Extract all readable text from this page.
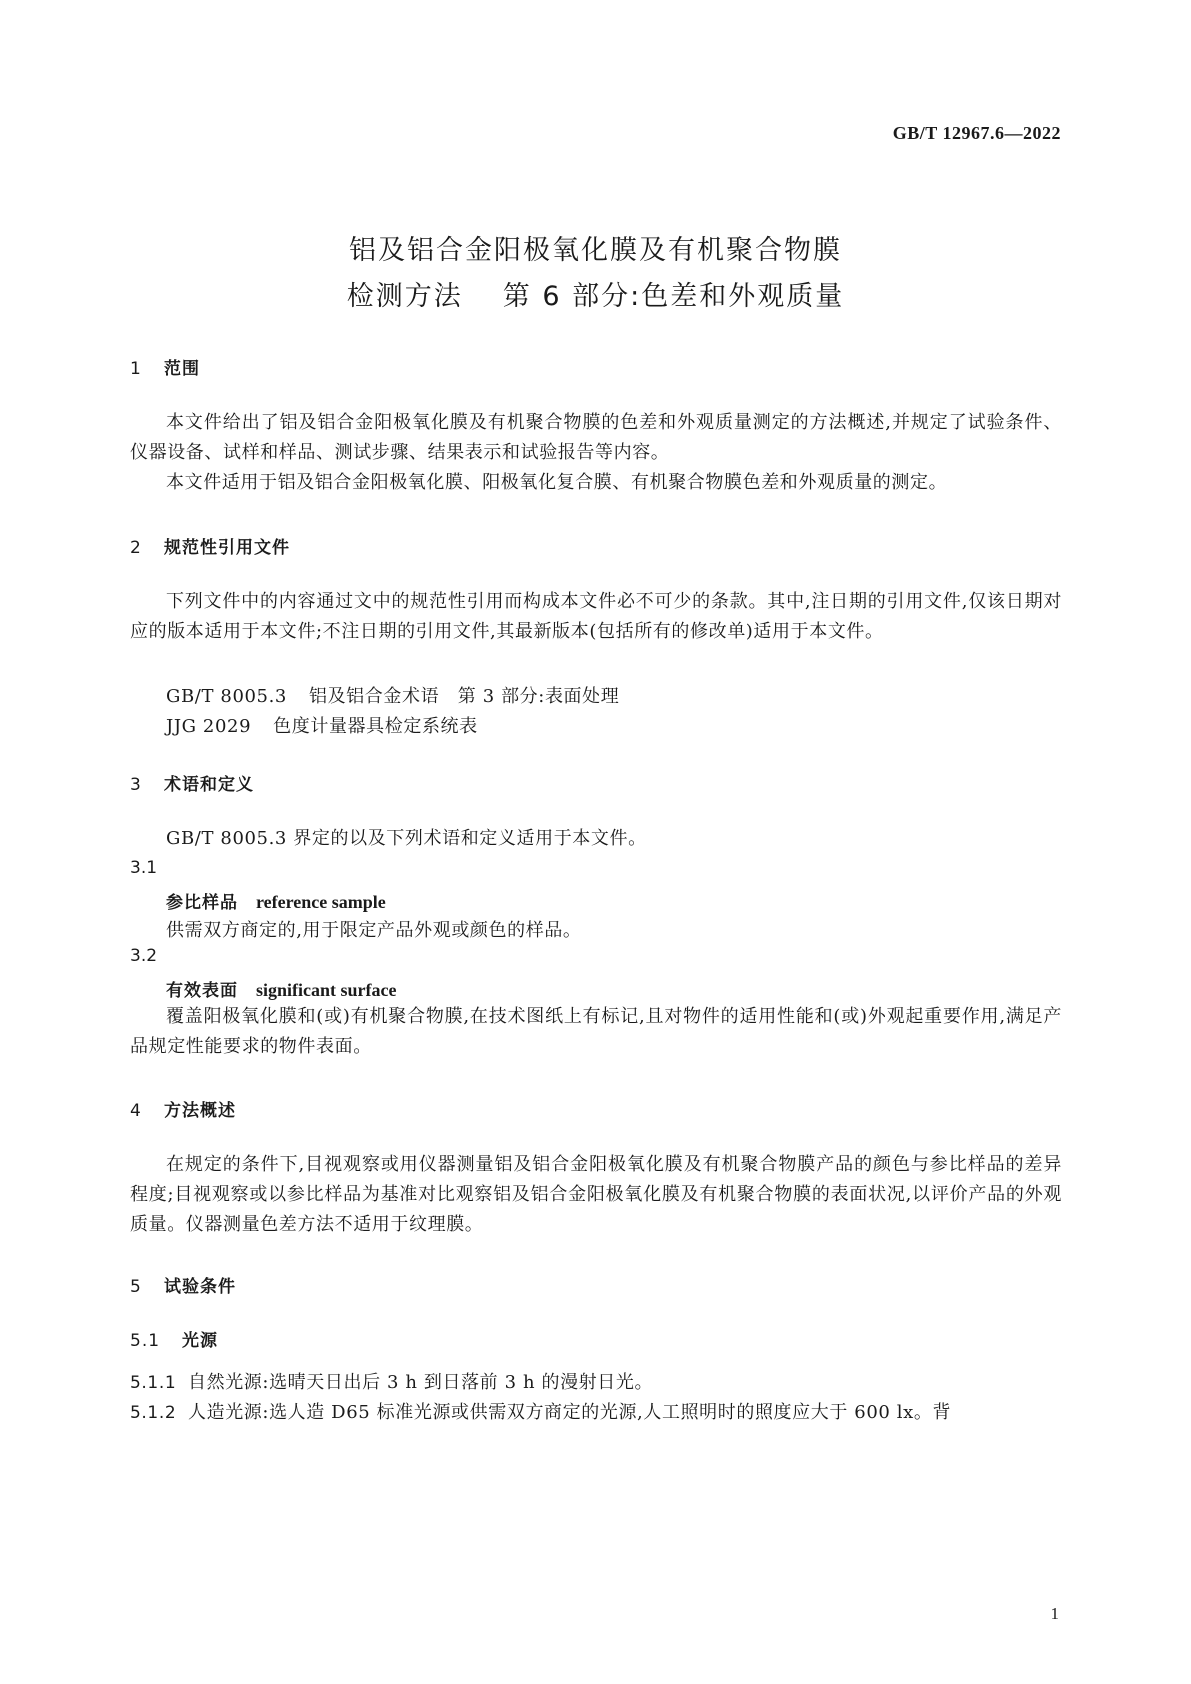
GB/T 12967.6—2022
铝及铝合金阳极氧化膜及有机聚合物膜
检测方法 第 6 部分:色差和外观质量
1 范围
本文件给出了铝及铝合金阳极氧化膜及有机聚合物膜的色差和外观质量测定的方法概述,并规定了试验条件、仪器设备、试样和样品、测试步骤、结果表示和试验报告等内容。
本文件适用于铝及铝合金阳极氧化膜、阳极氧化复合膜、有机聚合物膜色差和外观质量的测定。
2 规范性引用文件
下列文件中的内容通过文中的规范性引用而构成本文件必不可少的条款。其中,注日期的引用文件,仅该日期对应的版本适用于本文件;不注日期的引用文件,其最新版本(包括所有的修改单)适用于本文件。
GB/T 8005.3 铝及铝合金术语　第 3 部分:表面处理
JJG 2029 色度计量器具检定系统表
3 术语和定义
GB/T 8005.3 界定的以及下列术语和定义适用于本文件。
3.1
参比样品 reference sample
供需双方商定的,用于限定产品外观或颜色的样品。
3.2
有效表面 significant surface
覆盖阳极氧化膜和(或)有机聚合物膜,在技术图纸上有标记,且对物件的适用性能和(或)外观起重要作用,满足产品规定性能要求的物件表面。
4 方法概述
在规定的条件下,目视观察或用仪器测量铝及铝合金阳极氧化膜及有机聚合物膜产品的颜色与参比样品的差异程度;目视观察或以参比样品为基准对比观察铝及铝合金阳极氧化膜及有机聚合物膜的表面状况,以评价产品的外观质量。仪器测量色差方法不适用于纹理膜。
5 试验条件
5.1 光源
5.1.1 自然光源:选晴天日出后 3 h 到日落前 3 h 的漫射日光。
5.1.2 人造光源:选人造 D65 标准光源或供需双方商定的光源,人工照明时的照度应大于 600 lx。背
1
